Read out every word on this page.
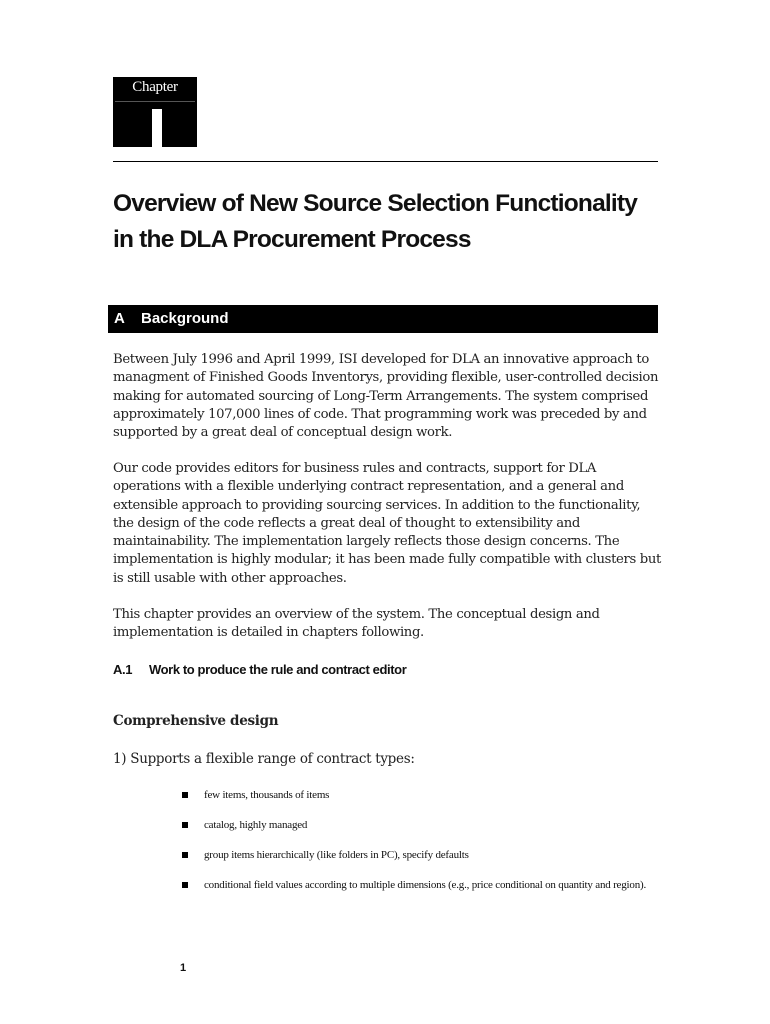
Chapter
Overview of New Source Selection Functionality in the DLA Procurement Process
A Background

Between July 1996 and April 1999, ISI developed for DLA an innovative approach to managment of Finished Goods Inventorys, providing flexible, user-controlled decision making for automated sourcing of Long-Term Arrangements. The system comprised approximately 107,000 lines of code. That programming work was preceded by and supported by a great deal of conceptual design work.

Our code provides editors for business rules and contracts, support for DLA operations with a flexible underlying contract representation, and a general and extensible approach to providing sourcing services. In addition to the functionality, the design of the code reflects a great deal of thought to extensibility and maintainability. The implementation largely reflects those design concerns. The implementation is highly modular; it has been made fully compatible with clusters but is still usable with other approaches.

This chapter provides an overview of the system. The conceptual design and implementation is detailed in chapters following.

A.1 Work to produce the rule and contract editor
Comprehensive design
1) Supports a flexible range of contract types:
few items, thousands of items
catalog, highly managed
group items hierarchically (like folders in PC), specify defaults
conditional field values according to multiple dimensions (e.g., price conditional on quantity and region).
1
